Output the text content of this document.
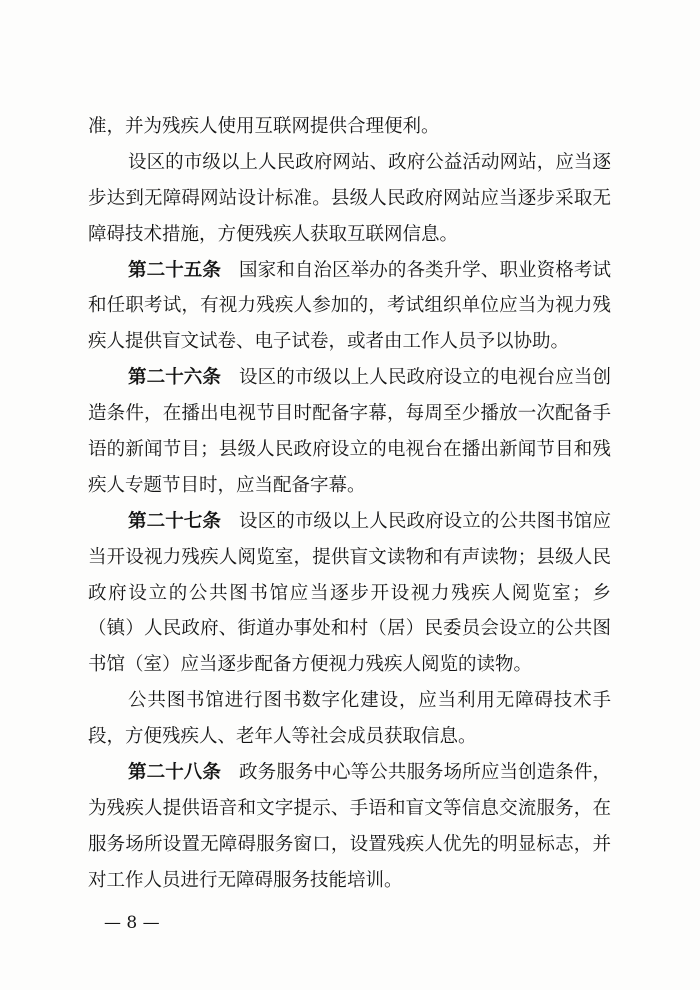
准，并为残疾人使用互联网提供合理便利。
设区的市级以上人民政府网站、政府公益活动网站，应当逐
步达到无障碍网站设计标准。县级人民政府网站应当逐步采取无
障碍技术措施，方便残疾人获取互联网信息。
第二十五条 国家和自治区举办的各类升学、职业资格考试
和任职考试，有视力残疾人参加的，考试组织单位应当为视力残
疾人提供盲文试卷、电子试卷，或者由工作人员予以协助。
第二十六条 设区的市级以上人民政府设立的电视台应当创
造条件，在播出电视节目时配备字幕，每周至少播放一次配备手
语的新闻节目；县级人民政府设立的电视台在播出新闻节目和残
疾人专题节目时，应当配备字幕。
第二十七条 设区的市级以上人民政府设立的公共图书馆应
当开设视力残疾人阅览室，提供盲文读物和有声读物；县级人民
政府设立的公共图书馆应当逐步开设视力残疾人阅览室；乡
（镇）人民政府、街道办事处和村（居）民委员会设立的公共图
书馆（室）应当逐步配备方便视力残疾人阅览的读物。
公共图书馆进行图书数字化建设，应当利用无障碍技术手
段，方便残疾人、老年人等社会成员获取信息。
第二十八条 政务服务中心等公共服务场所应当创造条件，
为残疾人提供语音和文字提示、手语和盲文等信息交流服务，在
服务场所设置无障碍服务窗口，设置残疾人优先的明显标志，并
对工作人员进行无障碍服务技能培训。
— 8 —
